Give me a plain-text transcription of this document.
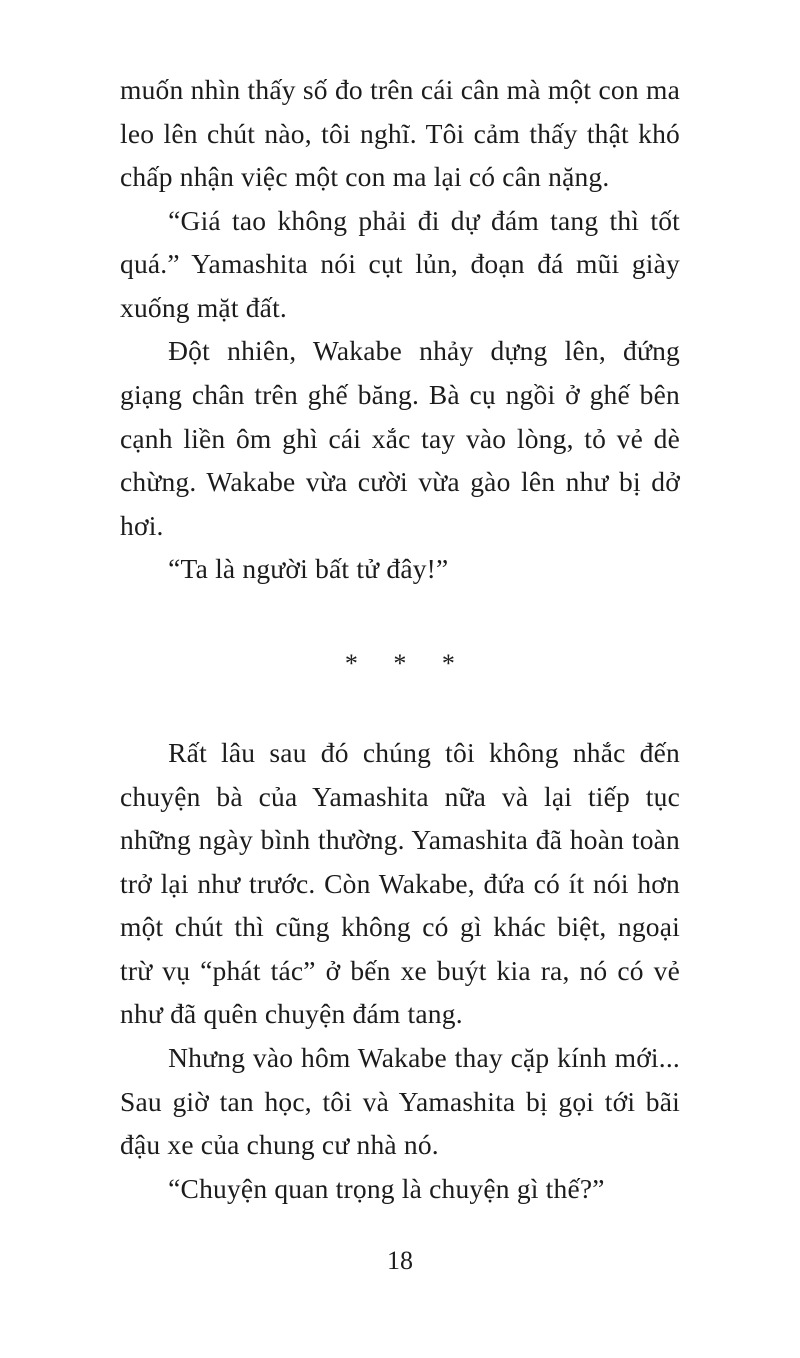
muốn nhìn thấy số đo trên cái cân mà một con ma leo lên chút nào, tôi nghĩ. Tôi cảm thấy thật khó chấp nhận việc một con ma lại có cân nặng.

“Giá tao không phải đi dự đám tang thì tốt quá.” Yamashita nói cụt lủn, đoạn đá mũi giày xuống mặt đất.

Đột nhiên, Wakabe nhảy dựng lên, đứng giạng chân trên ghế băng. Bà cụ ngồi ở ghế bên cạnh liền ôm ghì cái xắc tay vào lòng, tỏ vẻ dè chừng. Wakabe vừa cười vừa gào lên như bị dở hơi.

“Ta là người bất tử đây!”

* * *

Rất lâu sau đó chúng tôi không nhắc đến chuyện bà của Yamashita nữa và lại tiếp tục những ngày bình thường. Yamashita đã hoàn toàn trở lại như trước. Còn Wakabe, đứa có ít nói hơn một chút thì cũng không có gì khác biệt, ngoại trừ vụ “phát tác” ở bến xe buýt kia ra, nó có vẻ như đã quên chuyện đám tang.

Nhưng vào hôm Wakabe thay cặp kính mới... Sau giờ tan học, tôi và Yamashita bị gọi tới bãi đậu xe của chung cư nhà nó.

“Chuyện quan trọng là chuyện gì thế?”

18
